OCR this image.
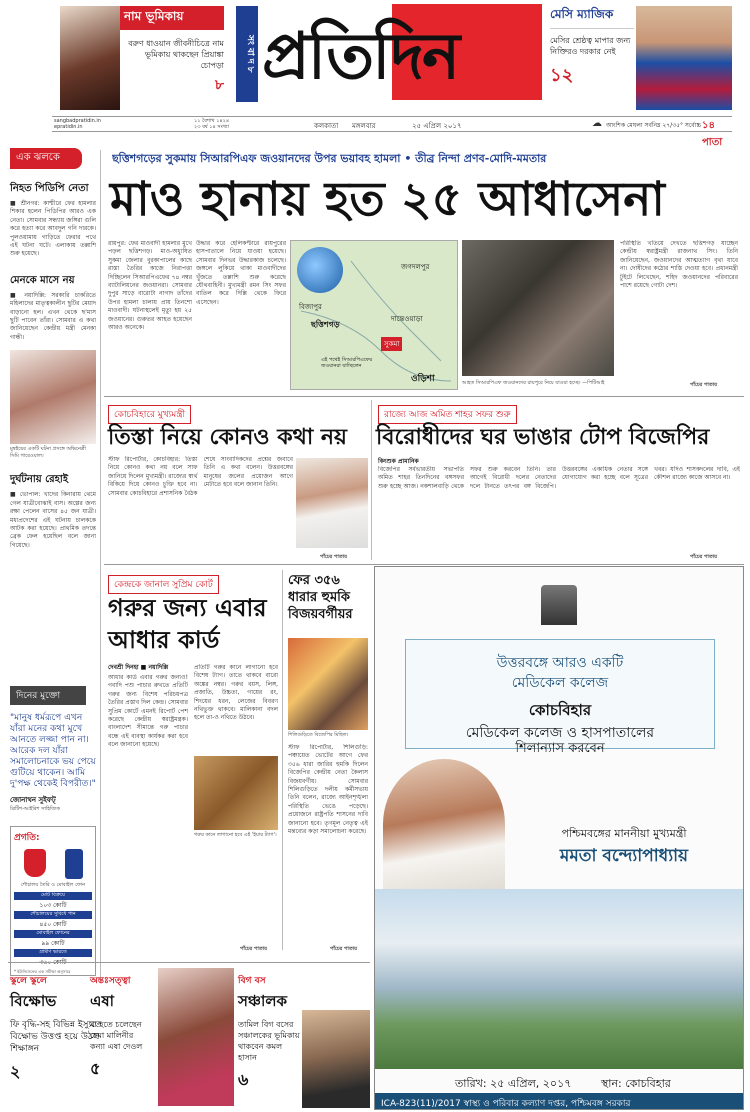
নাম ভূমিকায়
বরুণ ধাওয়ান জীবনীচিত্রে নাম ভূমিকায় থাকছেন প্রিয়াঙ্কা চোপড়া
৮
সং বা দ ৮ প্রতিদিন
মেসি ম্যাজিক
মেসির শ্রেষ্ঠত্ব মাপার জন্য নিক্তিরও দরকার নেই
১২
sangbadpratidin.in
epratidin.in
১১ বৈশাখ ১৪২৪
২৩ বর্ষ ১৪ সংখ্যা	কলকাতা মঙ্গলবার	২৫ এপ্রিল ২০১৭	☁ আংশিক মেঘলা সর্বনিম্ন ২৭/৩৫° সর্বোচ্চ ১৪ পাতা
এক ঝলকে
নিহত পিডিপি নেতা
■ শ্রীনগর: কাশ্মীরে ফের হামলার শিকার হলেন পিডিপির আরও এক নেতা। সোমবার সন্ধ্যায় জঙ্গিরা গুলি করে হত্যা করে আবদুল গনি দারকে। পুলওয়ামায় গাড়িতে ফেরার পথে এই ঘটনা ঘটে। এলাকায় তল্লাশি শুরু হয়েছে।
মেনকে মাসে নয়
■ নয়াদিল্লি: সরকারি চাকরিতে মহিলাদের মাতৃত্বকালীন ছুটির মেয়াদ বাড়ানো হল। এখন থেকে ছ'মাস ছুটি পাবেন তাঁরা। সোমবার এ কথা জানিয়েছেন কেন্দ্রীয় মন্ত্রী মেনকা গান্ধী।
মুম্বইয়ের একটি ঘটনা প্রসঙ্গে অভিনেত্রী সিমি গারেওয়াল।
দুর্ঘটনায় রেহাই
■ ভোপাল: খাদের কিনারায় থেমে গেল যাত্রীবোঝাই বাস। অল্পের জন্য রক্ষা পেলেন বাসের ৪৫ জন যাত্রী। মধ্যপ্রদেশের এই ঘটনায় চালককে আটক করা হয়েছে। প্রাথমিক তদন্তে ব্রেক ফেল হয়েছিল বলে জানা গিয়েছে।
দিনের মুক্তো
"মানুষ ধর্মরূপে এখন যাঁরা মনের কথা মুখে আনতে লজ্জা পান না। আরেক দল যাঁরা সমালোচনাকে ভয় পেয়ে গুটিয়ে থাকেন। আমি দু'পক্ষ থেকেই বিপরীত।"
জোনাথন সুইফট্‌
ব্রিটিশ-আইরিশ সাহিত্যিক
প্রগতি:
শৌচালয় তৈরি ও মোবাইল ফোন
মোট বিক্রয়ে
১০৩ কোটি
শৌচালয়ের সুবিধে পান
৪৫০ কোটি
মোবাইল ফোনের
৯৯ কোটি
গ্রামীণ ভারতে
* ইউনিসেফের এক সমীক্ষা অনুসারে
ছত্তিশগড়ের সুকমায় সিআরপিএফ জওয়ানদের উপর ভয়াবহ হামলা • তীব্র নিন্দা প্রণব-মোদি-মমতার
মাও হানায় হত ২৫ আধাসেনা
রায়পুর: ফের মাওবাদী হামলার মুখে পড়ল ছত্তিশগড়। মাও-অধ্যুষিত সুকমা জেলার বুরকাপালের কাছে রাস্তা তৈরির কাজে নিরাপত্তা দিচ্ছিলেন সিআরপিএফের ৭৪ নম্বর ব্যাটালিয়নের জওয়ানরা। সোমবার দুপুর সাড়ে বারোটা নাগাদ তাঁদের উপর হামলা চালায় প্রায় তিনশো মাওবাদী। ঘটনাস্থলেই মৃত্যু হয় ২৫ জওয়ানের। গুরুতর আহত হয়েছেন আরও অনেকে।
উদ্ধার করে হেলিকপ্টারে রায়পুরের হাসপাতালে নিয়ে যাওয়া হয়েছে। সোমবার দিনভর উদ্ধারকাজ চলেছে। জঙ্গলে লুকিয়ে থাকা মাওবাদীদের খুঁজতে তল্লাশি শুরু করেছে যৌথবাহিনী। মুখ্যমন্ত্রী রমন সিং সফর বাতিল করে দিল্লি থেকে ফিরে এসেছেন।
বিজাপুর
দান্তেওয়াড়া
জগদলপুর
ছত্তিশগড়
সুকমা
এই পথেই সিআরপিএফের জওয়ানরা যাচ্ছিলেন
ওড়িশা	আহত সিআরপিএফ জওয়ানদের রায়পুরে নিয়ে যাওয়া হচ্ছে। —পিটিআই
পরিস্থিতি খতিয়ে দেখতে ছত্তিশগড় যাচ্ছেন কেন্দ্রীয় স্বরাষ্ট্রমন্ত্রী রাজনাথ সিং। তিনি জানিয়েছেন, জওয়ানদের আত্মত্যাগ বৃথা যাবে না। দোষীদের কঠোর শাস্তি দেওয়া হবে। প্রধানমন্ত্রী টুইটে লিখেছেন, শহিদ জওয়ানদের পরিবারের পাশে রয়েছে গোটা দেশ।
পাঁচের পাতায়
কোচবিহারে মুখ্যমন্ত্রী
তিস্তা নিয়ে কোনও কথা নয়
স্টাফ রিপোর্টার, কোচবিহার: তিস্তা নিয়ে কোনও কথা নয় বলে সাফ জানিয়ে দিলেন মুখ্যমন্ত্রী। রাজ্যের স্বার্থ বিকিয়ে দিয়ে কোনও চুক্তি হবে না। সোমবার কোচবিহারে প্রশাসনিক বৈঠক শেষে সাংবাদিকদের প্রশ্নের জবাবে তিনি এ কথা বলেন। উত্তরবঙ্গের মানুষের জলের প্রয়োজন আগে মেটাতে হবে বলে জানান তিনি।
পাঁচের পাতায়
রাজ্যে আজ অমিত শাহর সফর শুরু
বিরোধীদের ঘর ভাঙার টোপ বিজেপির
কিংশুক প্রামানিক
বিজেপির সর্বভারতীয় সভাপতি অমিত শাহর তিনদিনের বঙ্গসফর শুরু হচ্ছে আজ। নকশালবাড়ি থেকে সফর শুরু করবেন তিনি। তার আগেই বিরোধী দলের নেতাদের দলে টানতে তৎপর বঙ্গ বিজেপি। উত্তরবঙ্গের একাধিক নেতার সঙ্গে যোগাযোগ করা হচ্ছে বলে সূত্রের খবর। যদিও শাসকদলের দাবি, এই কৌশল রাজ্যে কাজে আসবে না।
পাঁচের পাতায়
কেন্দ্রকে জানাল সুপ্রিম কোর্ট
গরুর জন্য এবার আধার কার্ড
দেবশ্রী দিনহা ■ নয়াদিল্লি
আধার কার্ড এবার গরুর জন্যও! গবাদি পশু পাচার রুখতে প্রতিটি গরুর জন্য বিশেষ পরিচয়পত্র তৈরির প্রস্তাব দিল কেন্দ্র। সোমবার সুপ্রিম কোর্টে এমনই রিপোর্ট পেশ করেছে কেন্দ্রীয় স্বরাষ্ট্রমন্ত্রক। বাংলাদেশ সীমান্তে গরু পাচার বন্ধে এই ব্যবস্থা কার্যকর করা হবে বলে জানানো হয়েছে।
প্রতিটি গরুর কানে লাগানো হবে বিশেষ ট্যাগ। তাতে থাকবে বারো অঙ্কের নম্বর। গরুর বয়স, লিঙ্গ, প্রজাতি, উচ্চতা, গায়ের রং, শিংয়ের ধরন, লেজের বিবরণ নথিভুক্ত থাকবে। মালিকানা বদল হলে তা-ও নথিতে উঠবে।
গরুর কানে লাগানো হবে এই 'ইয়ার ট্যাগ'।
পাঁচের পাতায়
ফের ৩৫৬ ধারার হুমকি বিজয়বর্গীয়র
শিলিগুড়িতে বিজেপির মিছিল।
স্টাফ রিপোর্টার, শিলিগুড়ি: পঞ্চায়েত ভোটের আগে ফের ৩৫৬ ধারা জারির হুমকি দিলেন বিজেপির কেন্দ্রীয় নেতা কৈলাস বিজয়বর্গীয়। সোমবার শিলিগুড়িতে দলীয় কর্মীসভায় তিনি বলেন, রাজ্যে আইনশৃঙ্খলা পরিস্থিতি ভেঙে পড়েছে। প্রয়োজনে রাষ্ট্রপতি শাসনের দাবি জানানো হবে। তৃণমূল নেতৃত্ব এই মন্তব্যের কড়া সমালোচনা করেছে।
পাঁচের পাতায়
উত্তরবঙ্গে আরও একটি
মেডিকেল কলেজ
কোচবিহার
মেডিকেল কলেজ ও হাসপাতালের
শিলান্যাস করবেন
পশ্চিমবঙ্গের মাননীয়া মুখ্যমন্ত্রী
মমতা বন্দ্যোপাধ্যায়
তারিখ: ২৫ এপ্রিল, ২০১৭	স্থান: কোচবিহার
ICA-823(11)/2017 স্বাস্থ্য ও পরিবার কল্যাণ দপ্তর, পশ্চিমবঙ্গ সরকার
স্কুলে স্কুলে
বিক্ষোভ
ফি বৃদ্ধি-সহ বিভিন্ন ইস্যুতে বিক্ষোভ উত্তপ্ত হয়ে উঠল শিক্ষাঙ্গন
২
অন্তঃসত্ত্বা
এষা
মা হতে চলেছেন হেমা মালিনীর কন্যা এষা দেওল
৫
বিগ বস
সঞ্চালক
তামিল বিগ বসের সঞ্চালকের ভূমিকায় থাকবেন কমল হাসান
৬
